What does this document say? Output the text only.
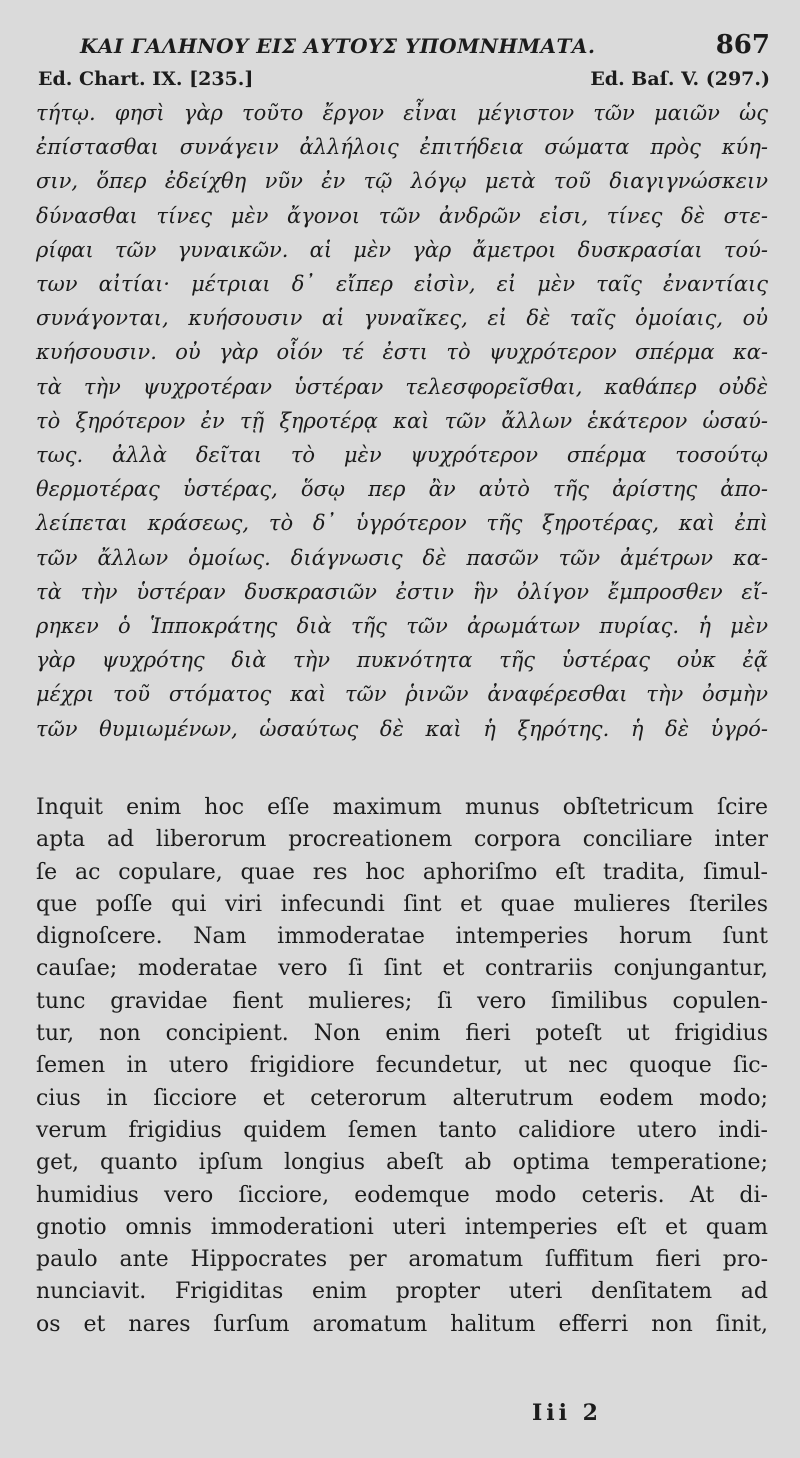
ΚΑΙ ΓΑΛΗΝΟΥ ΕΙΣ ΑΥΤΟΥΣ ΥΠΟΜΝΗΜΑΤΑ.	867
Ed. Chart. IX. [235.]	Ed. Baſ. V. (297.)
τήτῳ. φησὶ γὰρ τοῦτο ἔργον εἶναι μέγιστον τῶν μαιῶν ὡς
ἐπίστασθαι συνάγειν ἀλλήλοις ἐπιτήδεια σώματα πρὸς κύη-
σιν, ὅπερ ἐδείχθη νῦν ἐν τῷ λόγῳ μετὰ τοῦ διαγιγνώσκειν
δύνασθαι τίνες μὲν ἄγονοι τῶν ἀνδρῶν εἰσι, τίνες δὲ στε-
ρίφαι τῶν γυναικῶν. αἱ μὲν γὰρ ἄμετροι δυσκρασίαι τού-
των αἰτίαι· μέτριαι δ᾽ εἴπερ εἰσὶν, εἰ μὲν ταῖς ἐναντίαις
συνάγονται, κυήσουσιν αἱ γυναῖκες, εἰ δὲ ταῖς ὁμοίαις, οὐ
κυήσουσιν. οὐ γὰρ οἷόν τέ ἐστι τὸ ψυχρότερον σπέρμα κα-
τὰ τὴν ψυχροτέραν ὑστέραν τελεσφορεῖσθαι, καθάπερ οὐδὲ
τὸ ξηρότερον ἐν τῇ ξηροτέρᾳ καὶ τῶν ἄλλων ἑκάτερον ὡσαύ-
τως. ἀλλὰ δεῖται τὸ μὲν ψυχρότερον σπέρμα τοσούτῳ
θερμοτέρας ὑστέρας, ὅσῳ περ ἂν αὐτὸ τῆς ἀρίστης ἀπο-
λείπεται κράσεως, τὸ δ᾽ ὑγρότερον τῆς ξηροτέρας, καὶ ἐπὶ
τῶν ἄλλων ὁμοίως. διάγνωσις δὲ πασῶν τῶν ἀμέτρων κα-
τὰ τὴν ὑστέραν δυσκρασιῶν ἐστιν ἣν ὀλίγον ἔμπροσθεν εἴ-
ρηκεν ὁ Ἱπποκράτης διὰ τῆς τῶν ἀρωμάτων πυρίας. ἡ μὲν
γὰρ ψυχρότης διὰ τὴν πυκνότητα τῆς ὑστέρας οὐκ ἐᾷ
μέχρι τοῦ στόματος καὶ τῶν ῥινῶν ἀναφέρεσθαι τὴν ὀσμὴν
τῶν θυμιωμένων, ὡσαύτως δὲ καὶ ἡ ξηρότης. ἡ δὲ ὑγρό-
Inquit enim hoc eſſe maximum munus obſtetricum ſcire
apta ad liberorum procreationem corpora conciliare inter
ſe ac copulare, quae res hoc aphoriſmo eſt tradita, ſimul-
que poſſe qui viri infecundi ſint et quae mulieres ſteriles
dignoſcere. Nam immoderatae intemperies horum ſunt
cauſae; moderatae vero ſi ſint et contrariis conjungantur,
tunc gravidae fient mulieres; ſi vero ſimilibus copulen-
tur, non concipient. Non enim fieri poteſt ut frigidius
ſemen in utero frigidiore fecundetur, ut nec quoque ſic-
cius in ſicciore et ceterorum alterutrum eodem modo;
verum frigidius quidem ſemen tanto calidiore utero indi-
get, quanto ipſum longius abeſt ab optima temperatione;
humidius vero ſicciore, eodemque modo ceteris. At di-
gnotio omnis immoderationi uteri intemperies eſt et quam
paulo ante Hippocrates per aromatum ſuffitum fieri pro-
nunciavit. Frigiditas enim propter uteri denſitatem ad
os et nares ſurſum aromatum halitum efferri non ſinit,
Iii 2
